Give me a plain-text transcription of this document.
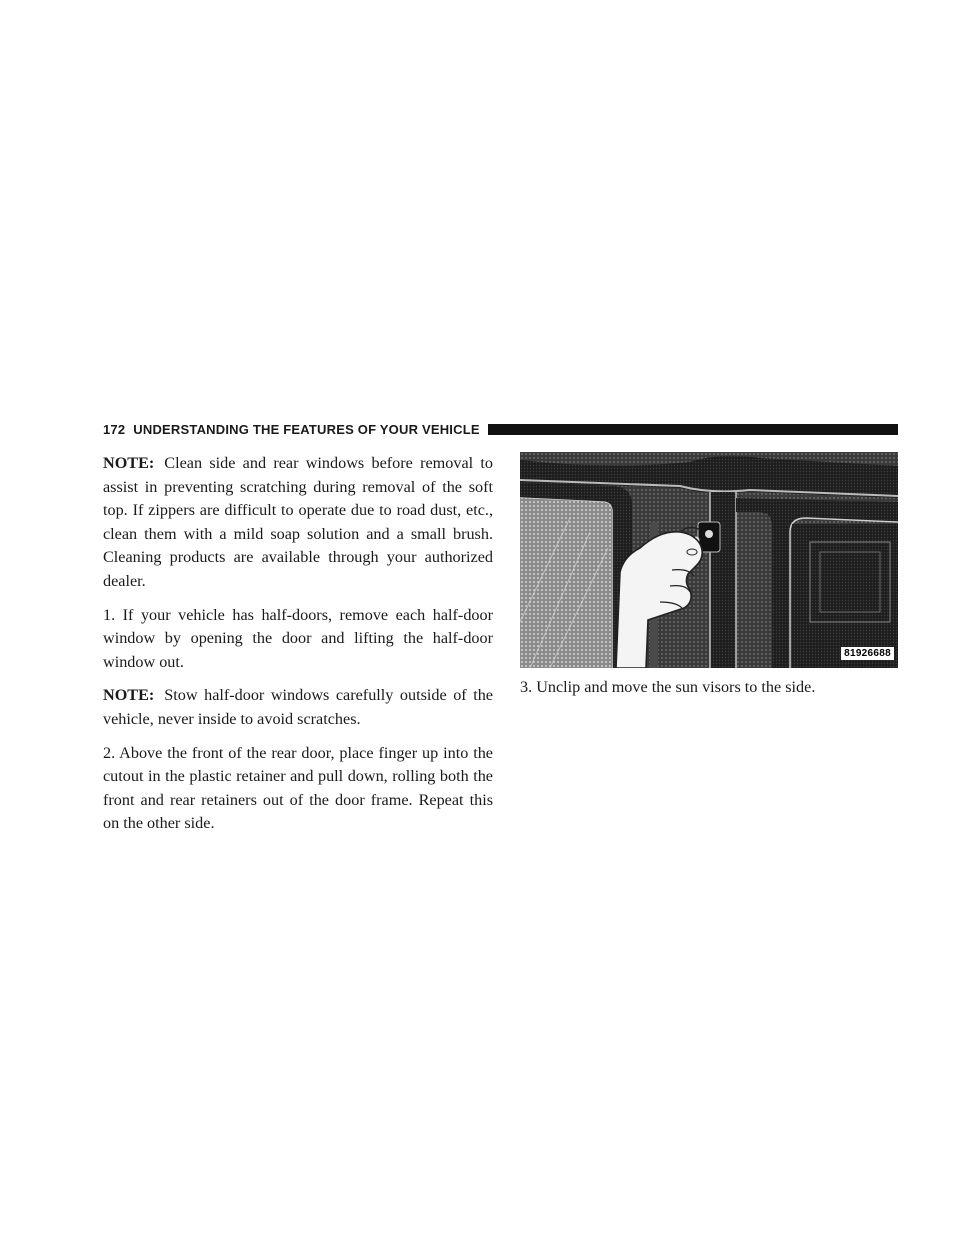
172 UNDERSTANDING THE FEATURES OF YOUR VEHICLE

NOTE: Clean side and rear windows before removal to assist in preventing scratching during removal of the soft top. If zippers are difficult to operate due to road dust, etc., clean them with a mild soap solution and a small brush. Cleaning products are available through your authorized dealer.

1. If your vehicle has half-doors, remove each half-door window by opening the door and lifting the half-door window out.

NOTE: Stow half-door windows carefully outside of the vehicle, never inside to avoid scratches.

2. Above the front of the rear door, place finger up into the cutout in the plastic retainer and pull down, rolling both the front and rear retainers out of the door frame. Repeat this on the other side.

81926688

3. Unclip and move the sun visors to the side.
